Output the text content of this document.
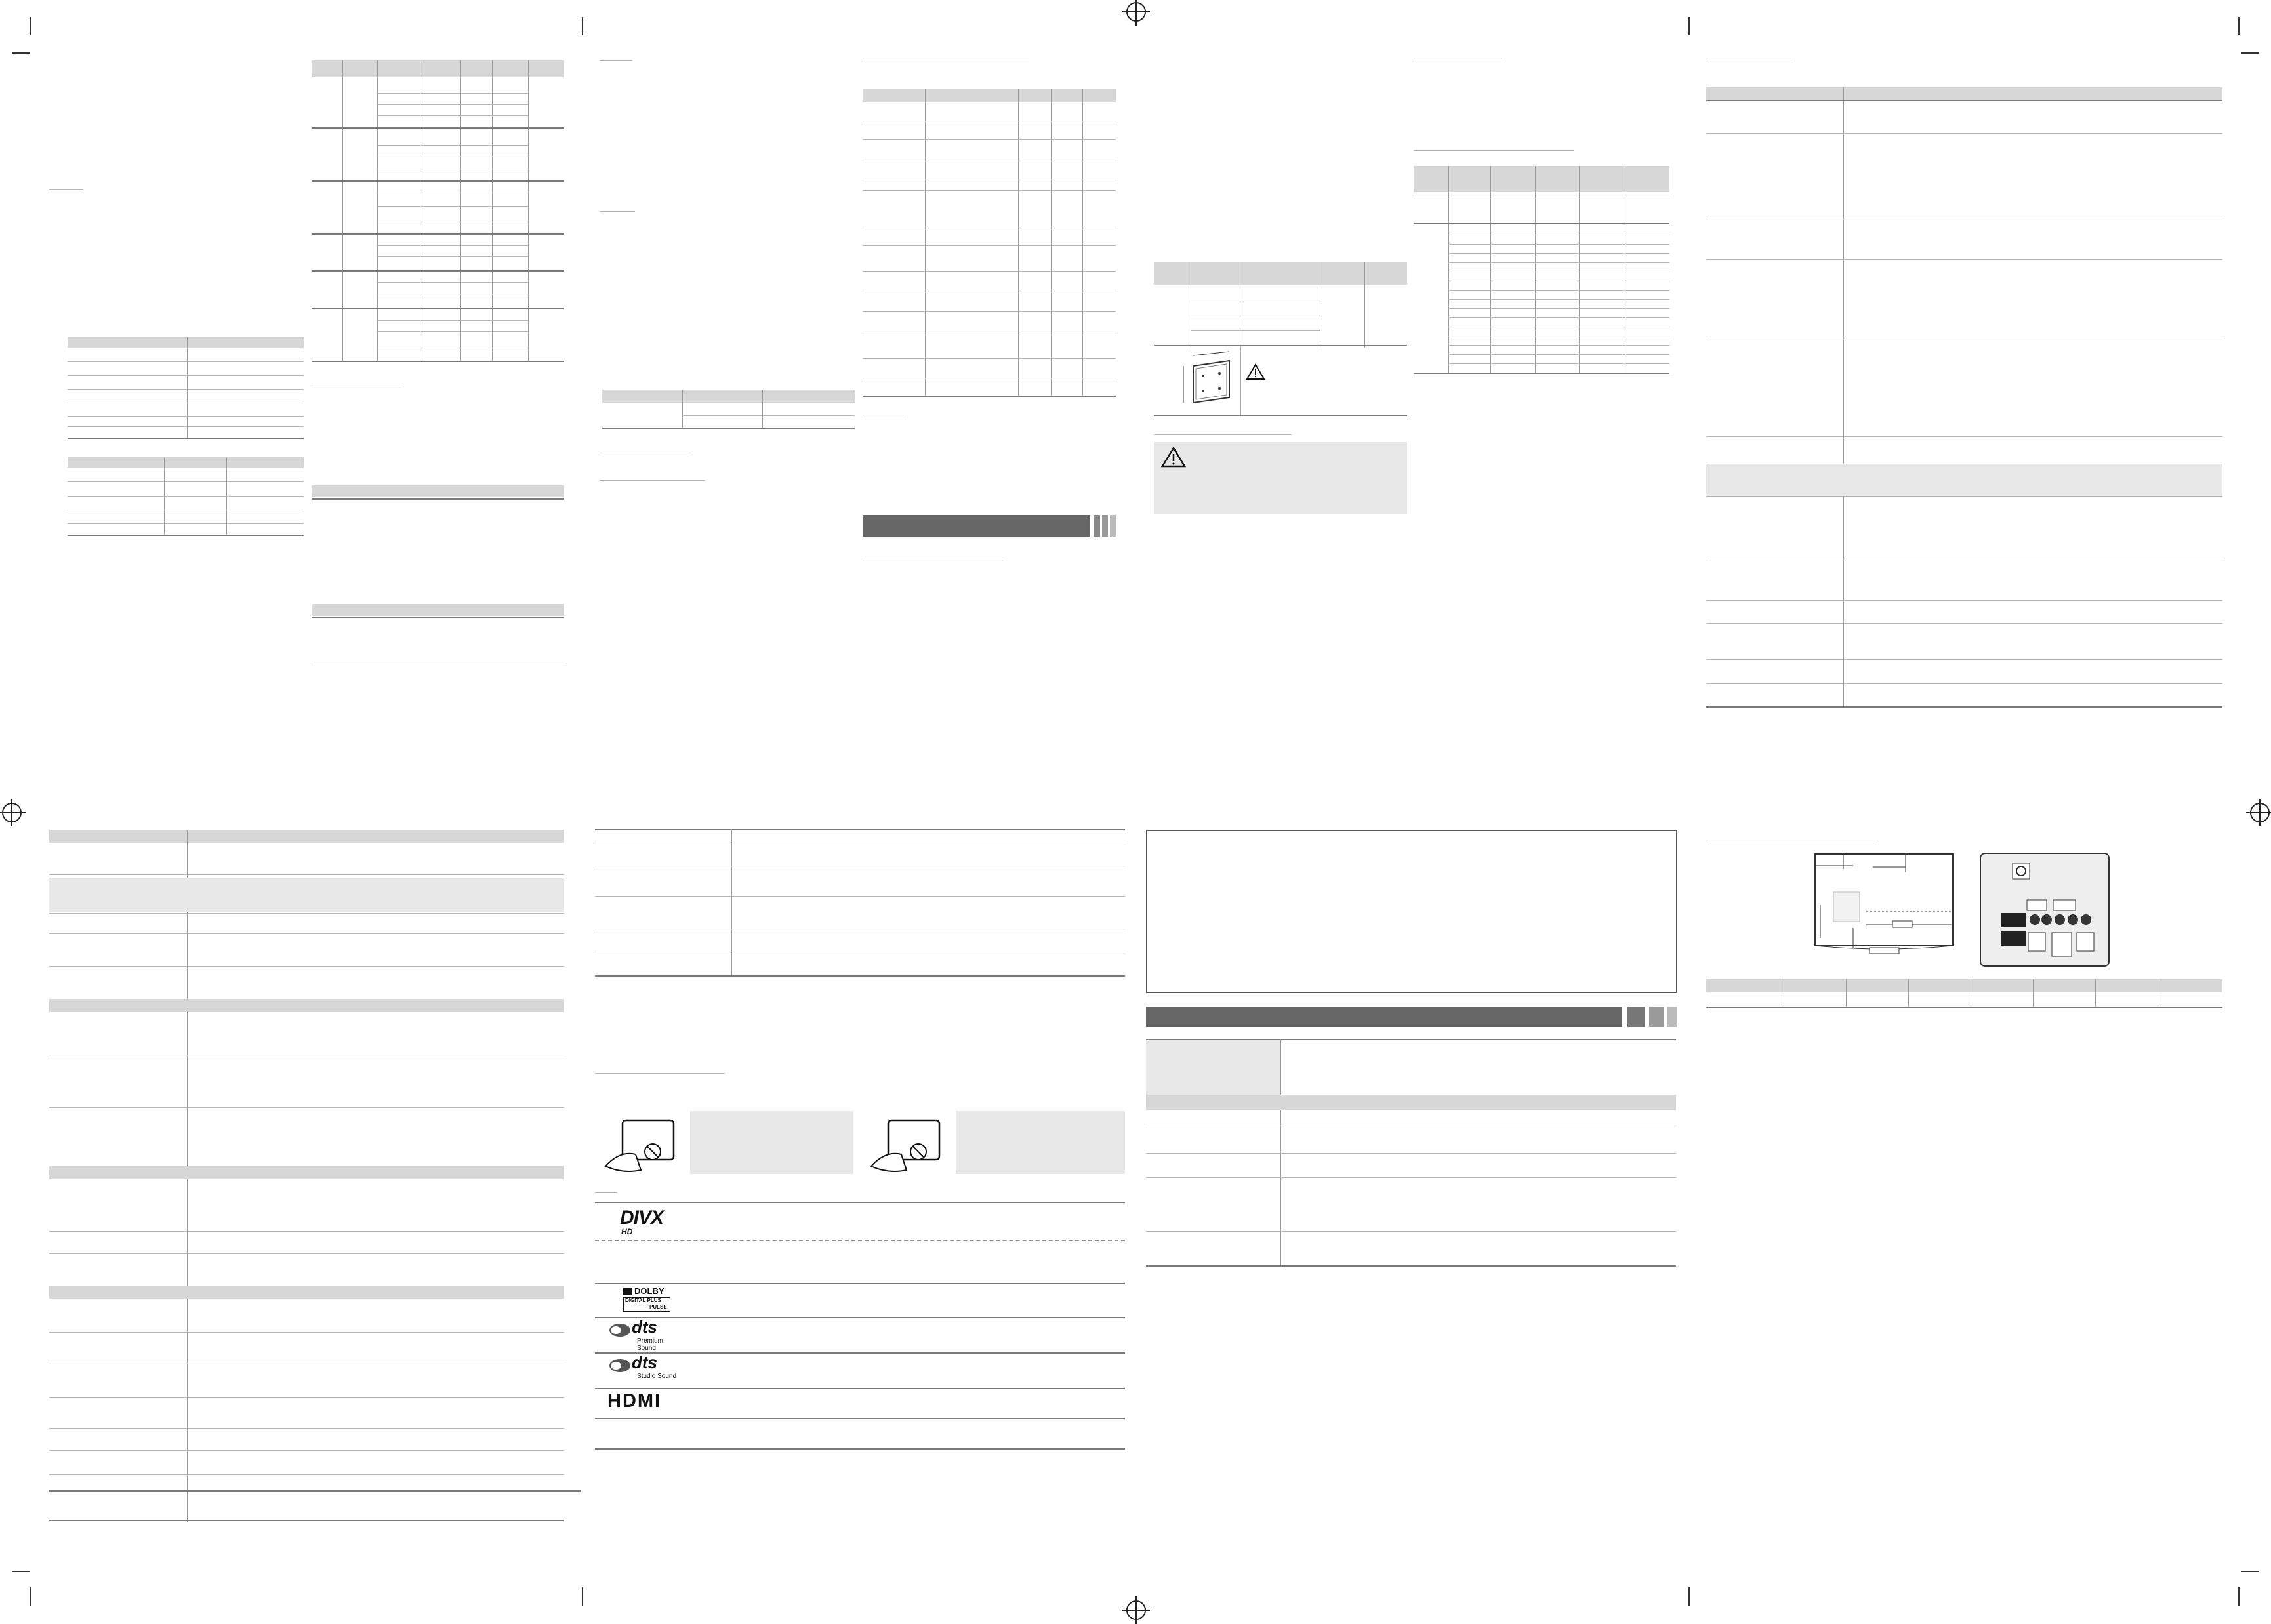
DIVX
HD
DOLBY
DIGITAL PLUS
PULSE
dts
Premium Sound
dts
Studio Sound
HDMI
